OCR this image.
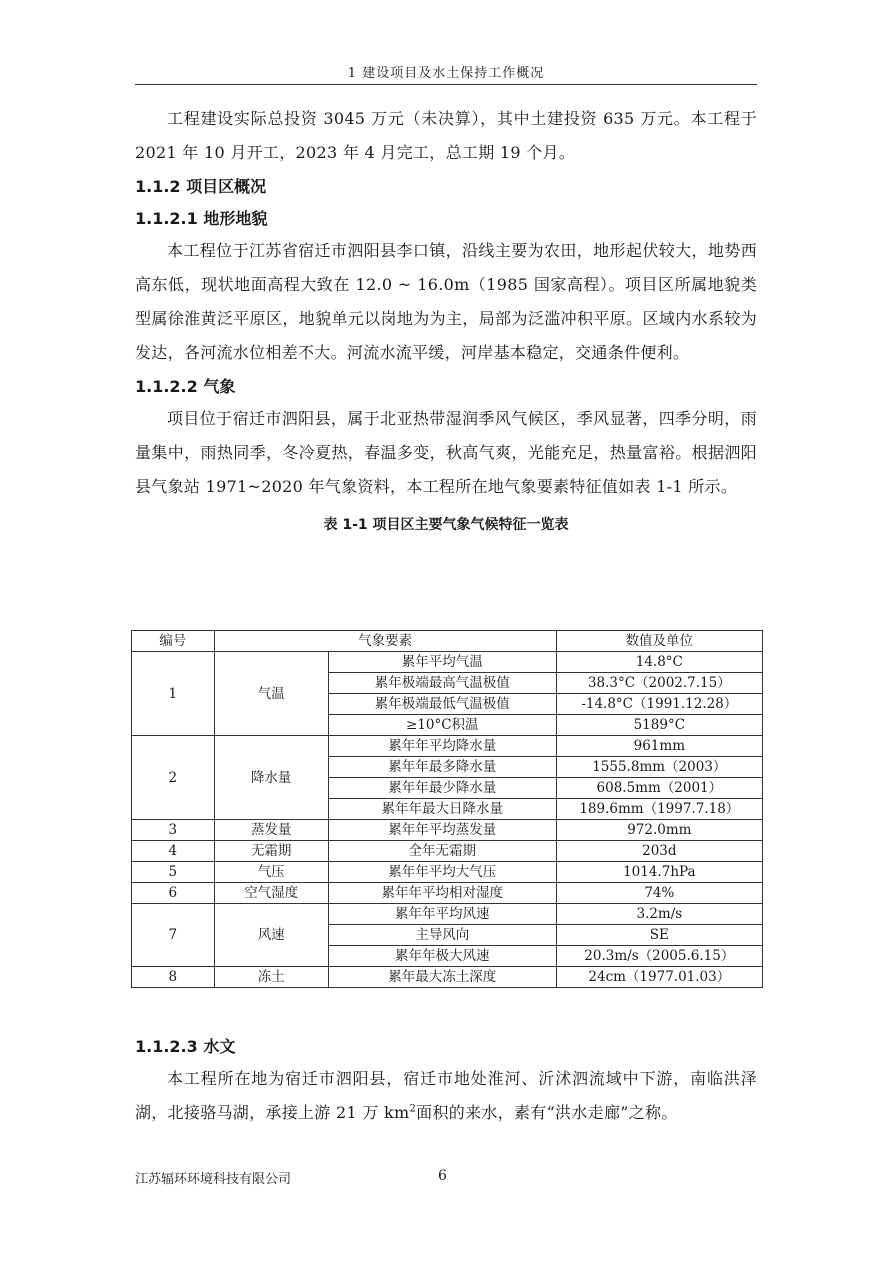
1 建设项目及水土保持工作概况

工程建设实际总投资 3045 万元（未决算），其中土建投资 635 万元。本工程于 2021 年 10 月开工，2023 年 4 月完工，总工期 19 个月。

1.1.2 项目区概况
1.1.2.1 地形地貌

本工程位于江苏省宿迁市泗阳县李口镇，沿线主要为农田，地形起伏较大，地势西高东低，现状地面高程大致在 12.0 ~ 16.0m（1985 国家高程）。项目区所属地貌类型属徐淮黄泛平原区，地貌单元以岗地为为主，局部为泛滥冲积平原。区域内水系较为发达，各河流水位相差不大。河流水流平缓，河岸基本稳定，交通条件便利。

1.1.2.2 气象

项目位于宿迁市泗阳县，属于北亚热带湿润季风气候区，季风显著，四季分明，雨量集中，雨热同季，冬冷夏热，春温多变，秋高气爽，光能充足，热量富裕。根据泗阳县气象站 1971~2020 年气象资料，本工程所在地气象要素特征值如表 1-1 所示。

表 1-1 项目区主要气象气候特征一览表
编号	气象要素		数值及单位
1	气温	累年平均气温	14.8°C
		累年极端最高气温极值	38.3°C（2002.7.15）
		累年极端最低气温极值	-14.8°C（1991.12.28）
		≥10°C积温	5189°C
2	降水量	累年年平均降水量	961mm
		累年年最多降水量	1555.8mm（2003）
		累年年最少降水量	608.5mm（2001）
		累年年最大日降水量	189.6mm（1997.7.18）
3	蒸发量	累年年平均蒸发量	972.0mm
4	无霜期	全年无霜期	203d
5	气压	累年年平均大气压	1014.7hPa
6	空气湿度	累年年平均相对湿度	74%
7	风速	累年年平均风速	3.2m/s
		主导风向	SE
		累年年极大风速	20.3m/s（2005.6.15）
8	冻土	累年最大冻土深度	24cm（1977.01.03）
1.1.2.3 水文

本工程所在地为宿迁市泗阳县，宿迁市地处淮河、沂沭泗流域中下游，南临洪泽湖，北接骆马湖，承接上游 21 万 $km^2$面积的来水，素有“洪水走廊”之称。

江苏辐环环境科技有限公司	6
